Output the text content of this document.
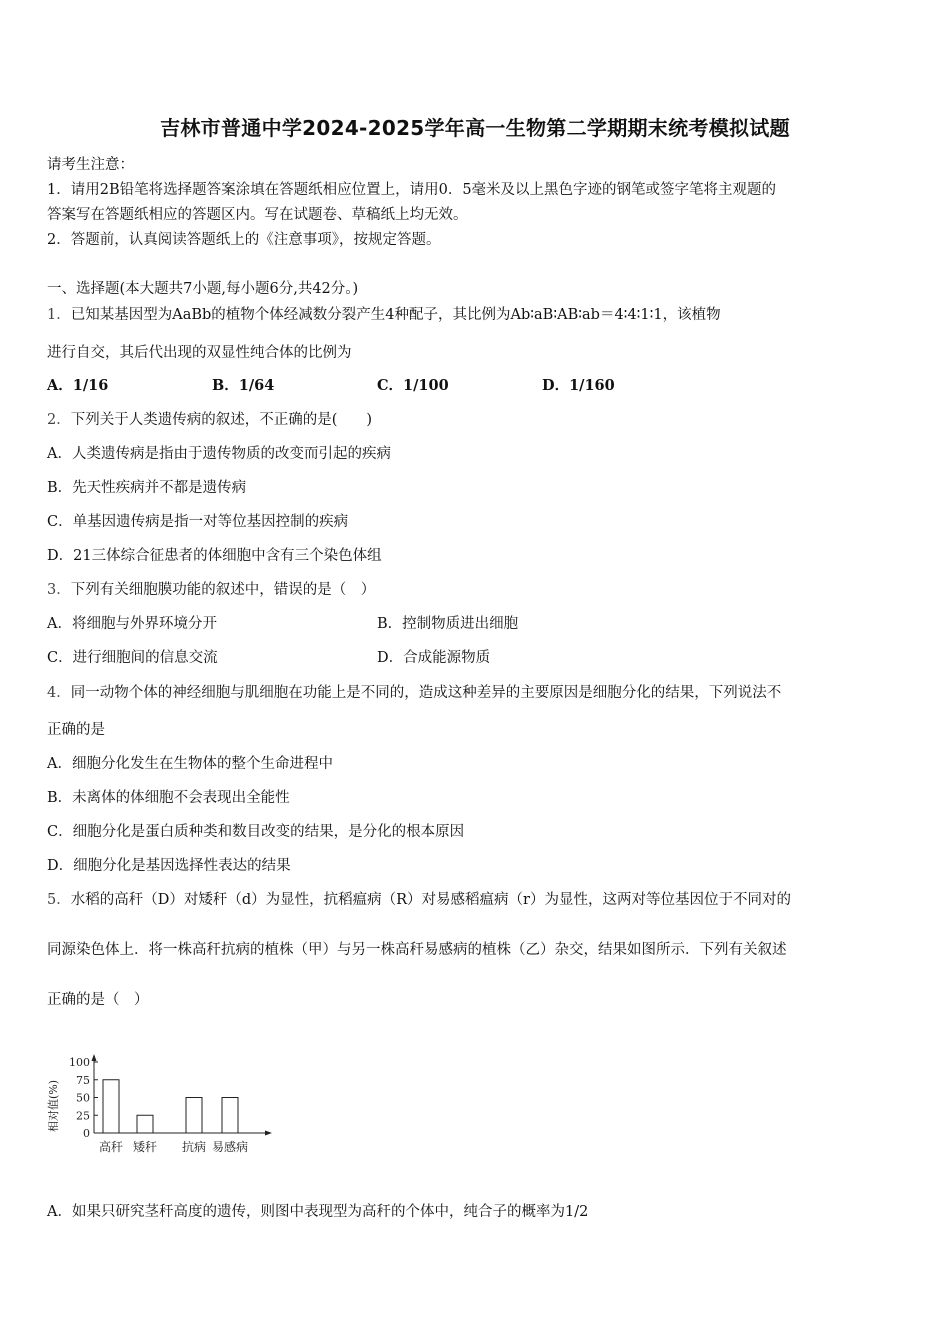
吉林市普通中学2024-2025学年高一生物第二学期期末统考模拟试题
请考生注意：
1．请用2B铅笔将选择题答案涂填在答题纸相应位置上，请用0．5毫米及以上黑色字迹的钢笔或签字笔将主观题的
答案写在答题纸相应的答题区内。写在试题卷、草稿纸上均无效。
2．答题前，认真阅读答题纸上的《注意事项》，按规定答题。
一、选择题(本大题共7小题,每小题6分,共42分。)
1．已知某基因型为AaBb的植物个体经减数分裂产生4种配子，其比例为Ab∶aB∶AB∶ab＝4∶4∶1∶1，该植物
进行自交，其后代出现的双显性纯合体的比例为
A．1/16	B．1/64	C．1/100	D．1/160
2．下列关于人类遗传病的叙述，不正确的是(　　)
A．人类遗传病是指由于遗传物质的改变而引起的疾病
B．先天性疾病并不都是遗传病
C．单基因遗传病是指一对等位基因控制的疾病
D．21三体综合征患者的体细胞中含有三个染色体组
3．下列有关细胞膜功能的叙述中，错误的是（　）
A．将细胞与外界环境分开	B．控制物质进出细胞
C．进行细胞间的信息交流	D．合成能源物质
4．同一动物个体的神经细胞与肌细胞在功能上是不同的，造成这种差异的主要原因是细胞分化的结果，下列说法不
正确的是
A．细胞分化发生在生物体的整个生命进程中
B．未离体的体细胞不会表现出全能性
C．细胞分化是蛋白质种类和数目改变的结果，是分化的根本原因
D．细胞分化是基因选择性表达的结果
5．水稻的高秆（D）对矮秆（d）为显性，抗稻瘟病（R）对易感稻瘟病（r）为显性，这两对等位基因位于不同对的
同源染色体上．将一株高秆抗病的植株（甲）与另一株高秆易感病的植株（乙）杂交，结果如图所示．下列有关叙述
正确的是（　）
相对值(%)
100
75
50
25
0
高秆 矮秆 抗病 易感病
A．如果只研究茎秆高度的遗传，则图中表现型为高秆的个体中，纯合子的概率为1/2
